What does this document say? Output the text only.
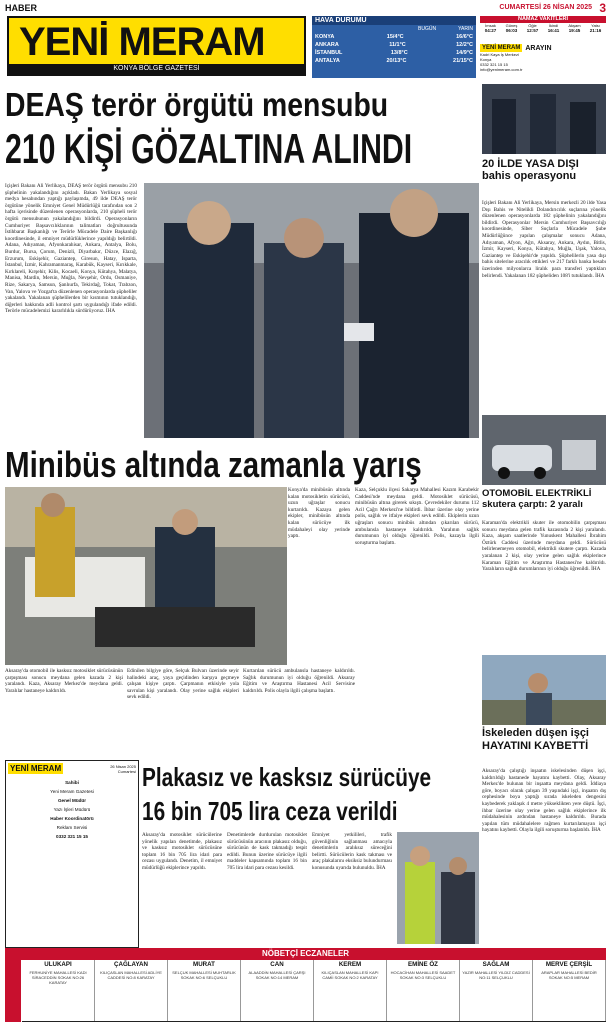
HABER	CUMARTESİ 26 NİSAN 2025 3
YENİ MERAM
KONYA BÖLGE GAZETESİ
HAVA DURUMU
BUGÜN	YARIN
KONYA	15/4°C	16/6°C
ANKARA	11/1°C	12/2°C
İSTANBUL	13/8°C	14/9°C
ANTALYA	20/13°C	21/15°C
NAMAZ VAKİTLERİ
İmsak	Güneş	Öğle	İkindi	Akşam	Yatsı
04:27	06:03	12:57	16:41	19:45	21:16
YENİ MERAM ARAYIN
Kadri Kaya İş Merkezi
Konya
0332 321 15 15
info@yenimeram.com.tr
DEAŞ terör örgütü mensubu
210 KİŞİ GÖZALTINA ALINDI
İçişleri Bakanı Ali Yerlikaya, DEAŞ terör örgütü mensubu 210 şüphelinin yakalandığını açıkladı. Bakan Yerlikaya sosyal medya hesabından yaptığı paylaşımda, 49 ilde DEAŞ terör örgütüne yönelik Emniyet Genel Müdürlüğü tarafından son 2 hafta içerisinde düzenlenen operasyonlarda, 210 şüpheli terör örgütü mensubunun yakalandığını bildirdi. Operasyonların Cumhuriyet Başsavcılıklarının talimatları doğrultusunda İstihbarat Başkanlığı ve Terörle Mücadele Daire Başkanlığı koordinesinde, il emniyet müdürlüklerince yapıldığı belirtildi. Adana, Adıyaman, Afyonkarahisar, Ankara, Antalya, Bolu, Burdur, Bursa, Çorum, Denizli, Diyarbakır, Düzce, Elazığ, Erzurum, Eskişehir, Gaziantep, Giresun, Hatay, Isparta, İstanbul, İzmir, Kahramanmaraş, Karabük, Kayseri, Kırıkkale, Kırklareli, Kırşehir, Kilis, Kocaeli, Konya, Kütahya, Malatya, Manisa, Mardin, Mersin, Muğla, Nevşehir, Ordu, Osmaniye, Rize, Sakarya, Samsun, Şanlıurfa, Tekirdağ, Tokat, Trabzon, Van, Yalova ve Yozgat'ta düzenlenen operasyonlarda şüpheliler yakalandı. Yakalanan şüphelilerden bir kısmının tutuklandığı, diğerleri hakkında adli kontrol şartı uygulandığı ifade edildi. Terörle mücadelemizi kararlılıkla sürdürüyoruz. İHA
20 İLDE YASA DIŞI bahis operasyonu
İçişleri Bakanı Ali Yerlikaya, Mersin merkezli 20 ilde Yasa Dışı Bahis ve Nitelikli Dolandırıcılık suçlarına yönelik düzenlenen operasyonlarda 182 şüphelinin yakalandığını bildirdi. Operasyonlar Mersin Cumhuriyet Başsavcılığı koordinesinde, Siber Suçlarla Mücadele Şube Müdürlüğünce yapılan çalışmalar sonucu Adana, Adıyaman, Afyon, Ağrı, Aksaray, Ankara, Aydın, Bitlis, İzmir, Kayseri, Konya, Kütahya, Muğla, Uşak, Yalova, Gaziantep ve Eskişehir'de yapıldı. Şüphelilerin yasa dışı bahis sitelerine aracılık ettikleri ve 217 farklı banka hesabı üzerinden milyonlarca liralık para transferi yaptıkları belirlendi. Yakalanan 182 şüpheliden 108'i tutuklandı. İHA
OTOMOBİL ELEKTRİKLİ skutera çarptı: 2 yaralı
Karaman'da elektrikli skuter ile otomobilin çarpışması sonucu meydana gelen trafik kazasında 2 kişi yaralandı. Kaza, akşam saatlerinde Yunuskent Mahallesi İbrahim Öztürk Caddesi üzerinde meydana geldi. Sürücüsü belirlenemeyen otomobil, elektrikli skutere çarptı. Kazada yaralanan 2 kişi, olay yerine gelen sağlık ekiplerince Karaman Eğitim ve Araştırma Hastanesi'ne kaldırıldı. Yaralıların sağlık durumlarının iyi olduğu öğrenildi. İHA
İskeleden düşen işçi HAYATINI KAYBETTİ
Aksaray'da çalıştığı inşaatın iskelesinden düşen işçi, kaldırıldığı hastanede hayatını kaybetti. Olay, Aksaray Merkez'de bulunan bir inşaatta meydana geldi. İddiaya göre, boyacı olarak çalışan 39 yaşındaki işçi, inşaatın dış cephesinde boya yaptığı sırada iskeleden dengesini kaybederek yaklaşık 4 metre yükseklikten yere düştü. İşçi, ihbar üzerine olay yerine gelen sağlık ekiplerince ilk müdahalesinin ardından hastaneye kaldırıldı. Burada yapılan tüm müdahalelere rağmen kurtarılamayan işçi hayatını kaybetti. Olayla ilgili soruşturma başlatıldı. İHA
Minibüs altında zamanla yarış
Konya'da minibüsün altında kalan motosikletin sürücüsü, uzun uğraşlar sonucu kurtarıldı. Kazaya gelen ekipler, minibüsün altında kalan sürücüye ilk müdahaleyi olay yerinde yaptı.
Kaza, Selçuklu ilçesi Sakarya Mahallesi Kazım Karabekir Caddesi'nde meydana geldi. Motosiklet sürücüsü, minibüsün altına girerek sıkıştı. Çevredekiler durumu 112 Acil Çağrı Merkezi'ne bildirdi. İhbar üzerine olay yerine polis, sağlık ve itfaiye ekipleri sevk edildi. Ekiplerin uzun uğraşları sonucu minibüs altından çıkarılan sürücü, ambulansla hastaneye kaldırıldı. Yaralının sağlık durumunun iyi olduğu öğrenildi. Polis, kazayla ilgili soruşturma başlattı.
Aksaray'da otomobil ile kasksız motosiklet sürücüsünün çarpışması sonucu meydana gelen kazada 2 kişi yaralandı. Kaza, Aksaray Merkez'de meydana geldi. Yaralılar hastaneye kaldırıldı.
Edinilen bilgiye göre, Selçuk Bulvarı üzerinde seyir halindeki araç, yaya geçidinden karşıya geçmeye çalışan kişiye çarptı. Çarpmanın etkisiyle yola savrulan kişi yaralandı. Olay yerine sağlık ekipleri sevk edildi.
Kurtarılan sürücü ambulansla hastaneye kaldırıldı. Sağlık durumunun iyi olduğu öğrenildi. Aksaray Eğitim ve Araştırma Hastanesi Acil Servisine kaldırıldı. Polis olayla ilgili çalışma başlattı.
YENİ MERAM	26 Nisan 2025 Cumartesi
Sahibi
Yeni Meram Gazetesi
Genel Müdür
Yazı İşleri Müdürü
Haber Koordinatörü
Reklam Servisi
0332 321 15 15
Plakasız ve kasksız sürücüye
16 bin 705 lira ceza verildi
Aksaray'da motosiklet sürücülerine yönelik yapılan denetimde, plakasız ve kasksız motosiklet sürücüsüne toplam 16 bin 705 lira idari para cezası uygulandı. Denetim, il emniyet müdürlüğü ekiplerince yapıldı.
Denetimlerde durdurulan motosiklet sürücüsünün aracının plakasız olduğu, sürücünün de kask takmadığı tespit edildi. Bunun üzerine sürücüye ilgili maddeler kapsamında toplam 16 bin 705 lira idari para cezası kesildi.
Emniyet yetkilileri, trafik güvenliğinin sağlanması amacıyla denetimlerin aralıksız süreceğini belirtti. Sürücülerin kask takması ve araç plakalarını eksiksiz bulundurması konusunda uyarıda bulunuldu. İHA
NÖBETÇİ ECZANELER
ULUKAPI

FERHUNİYE MAHALLESİ KADI SİRACEDDİN SOKAK NO:26 KARATAY

ÇAĞLAYAN

KILIÇASLAN MAHALLESİ ADLİYE CADDESİ NO:8 KARATAY

MURAT

SELÇUK MAHALLESİ MUHTARLIK SOKAK NO:6 SELÇUKLU

CAN

ALAADDİN MAHALLESİ ÇARŞI SOKAK NO:14 MERAM

KEREM

KILIÇASLAN MAHALLESİ KAPI CAMİİ SOKAK NO:2 KARATAY

EMİNE ÖZ

HOCACİHAN MAHALLESİ SAADET SOKAK NO:3 SELÇUKLU

SAĞLAM

YAZIR MAHALLESİ YILDIZ CADDESİ NO:11 SELÇUKLU

MERVE ÇERŞİL

ARAPLAR MAHALLESİ BEDİR SOKAK NO:5 MERAM
